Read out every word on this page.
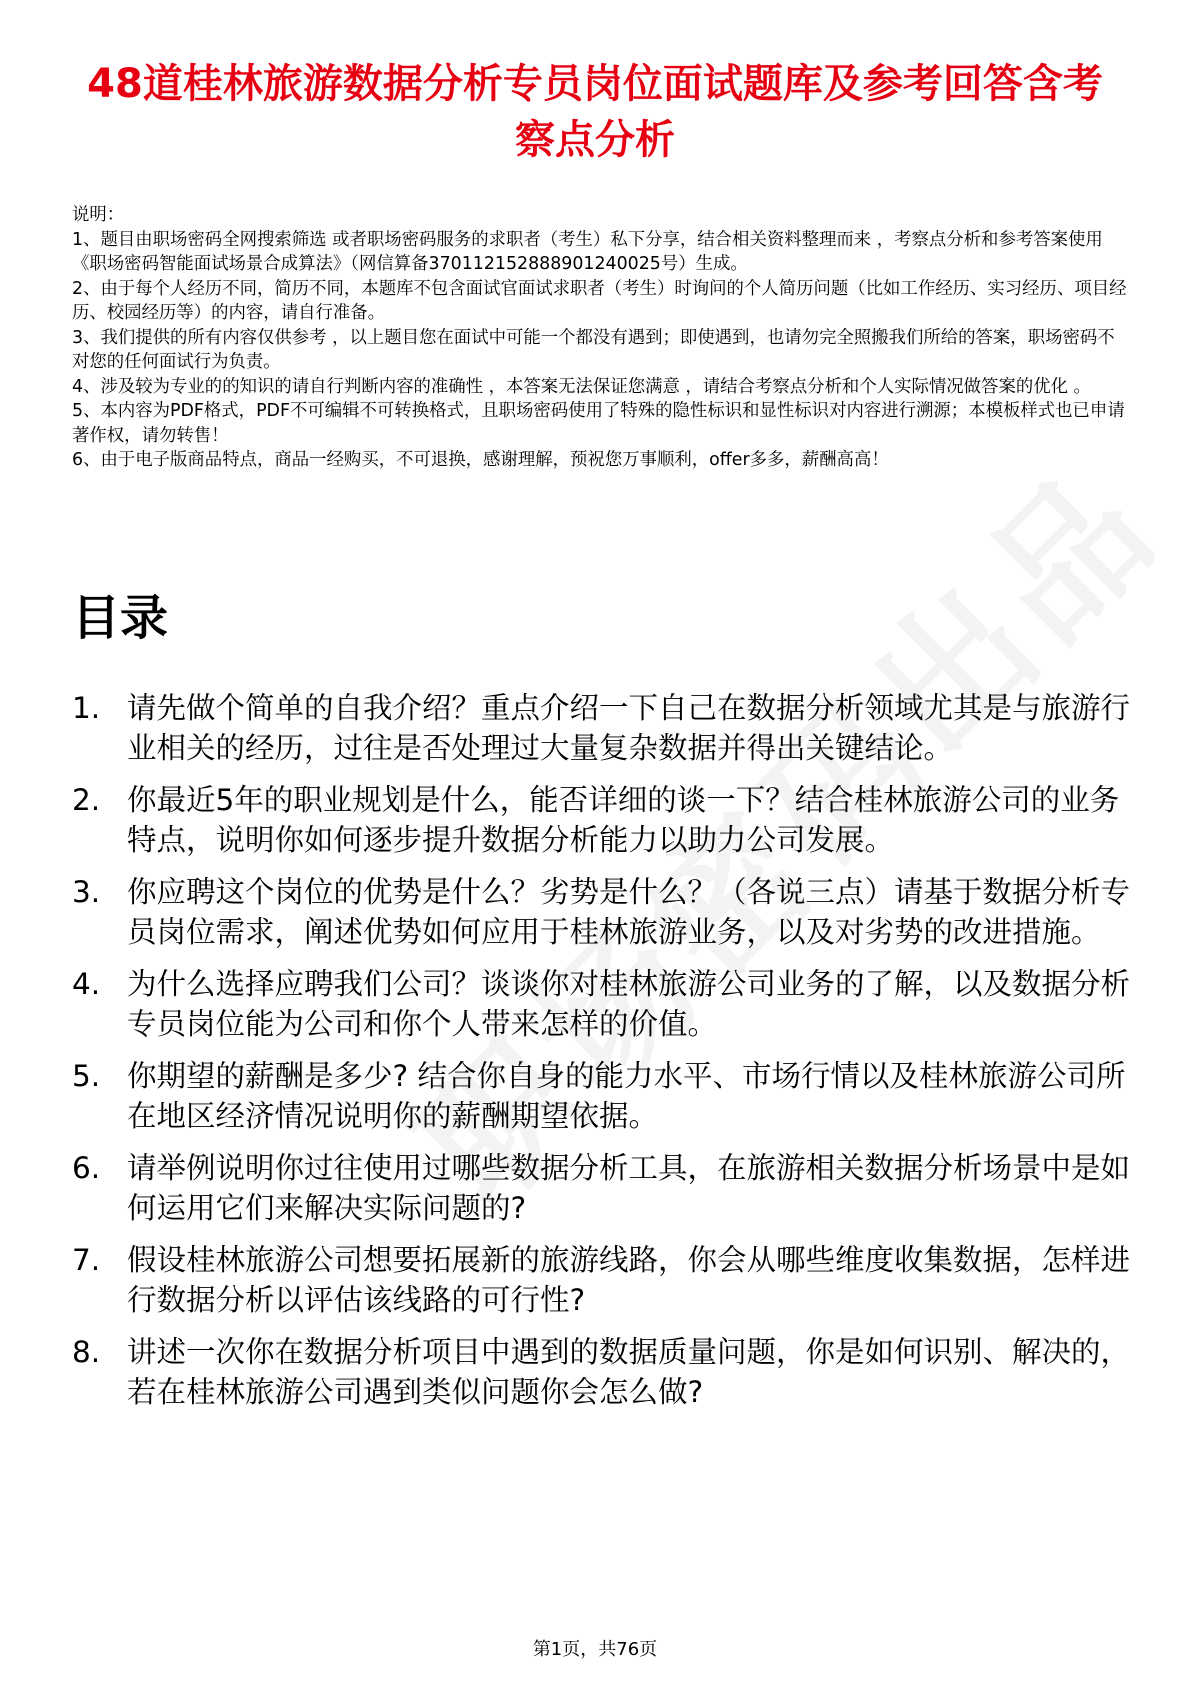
48道桂林旅游数据分析专员岗位面试题库及参考回答含考察点分析

说明：

1、题目由职场密码全网搜索筛选 或者职场密码服务的求职者（考生）私下分享，结合相关资料整理而来 ，考察点分析和参考答案使用《职场密码智能面试场景合成算法》（网信算备370112152888901240025号）生成。

2、由于每个人经历不同，简历不同，本题库不包含面试官面试求职者（考生）时询问的个人简历问题（比如工作经历、实习经历、项目经历、校园经历等）的内容，请自行准备。

3、我们提供的所有内容仅供参考 ，以上题目您在面试中可能一个都没有遇到；即使遇到，也请勿完全照搬我们所给的答案，职场密码不对您的任何面试行为负责。

4、涉及较为专业的的知识的请自行判断内容的准确性 ，本答案无法保证您满意 ，请结合考察点分析和个人实际情况做答案的优化 。

5、本内容为PDF格式，PDF不可编辑不可转换格式，且职场密码使用了特殊的隐性标识和显性标识对内容进行溯源；本模板样式也已申请著作权，请勿转售！

6、由于电子版商品特点，商品一经购买，不可退换，感谢理解，预祝您万事顺利，offer多多，薪酬高高！

目录
1. 请先做个简单的自我介绍？重点介绍一下自己在数据分析领域尤其是与旅游行业相关的经历，过往是否处理过大量复杂数据并得出关键结论。
2. 你最近5年的职业规划是什么，能否详细的谈一下？结合桂林旅游公司的业务特点，说明你如何逐步提升数据分析能力以助力公司发展。
3. 你应聘这个岗位的优势是什么？劣势是什么？（各说三点）请基于数据分析专员岗位需求，阐述优势如何应用于桂林旅游业务，以及对劣势的改进措施。
4. 为什么选择应聘我们公司？谈谈你对桂林旅游公司业务的了解，以及数据分析专员岗位能为公司和你个人带来怎样的价值。
5. 你期望的薪酬是多少? 结合你自身的能力水平、市场行情以及桂林旅游公司所在地区经济情况说明你的薪酬期望依据。
6. 请举例说明你过往使用过哪些数据分析工具，在旅游相关数据分析场景中是如何运用它们来解决实际问题的?
7. 假设桂林旅游公司想要拓展新的旅游线路，你会从哪些维度收集数据，怎样进行数据分析以评估该线路的可行性?
8. 讲述一次你在数据分析项目中遇到的数据质量问题，你是如何识别、解决的，若在桂林旅游公司遇到类似问题你会怎么做?
第1页，共76页
